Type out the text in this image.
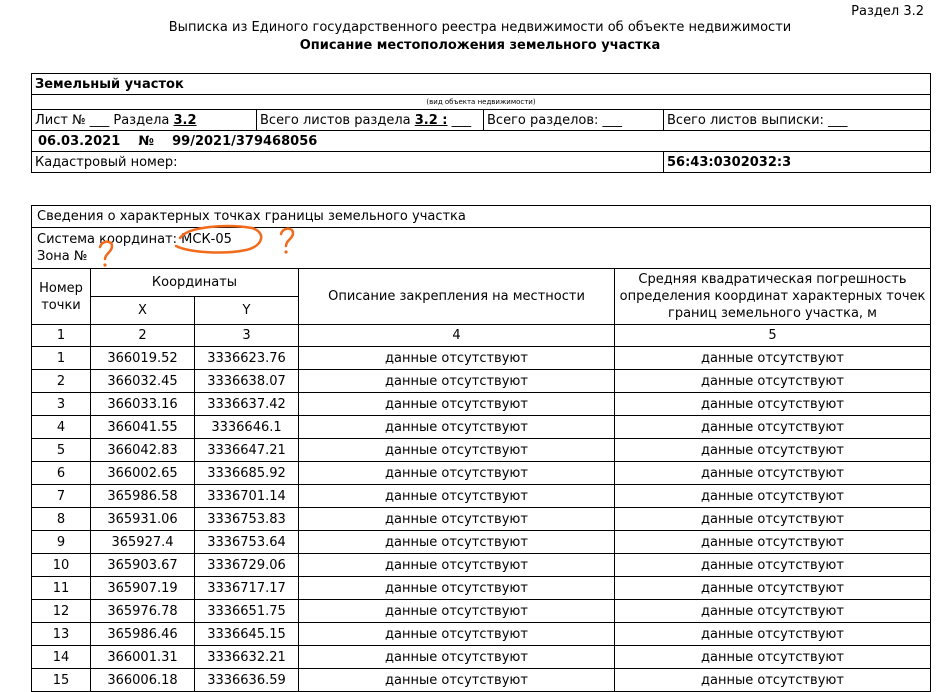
Раздел 3.2
Выписка из Единого государственного реестра недвижимости об объекте недвижимости
Описание местоположения земельного участка
Земельный участок			
(вид объекта недвижимости)			
Лист № ___ Раздела 3.2	Всего листов раздела 3.2 : ___	Всего разделов: ___	Всего листов выписки: ___
06.03.2021 № 99/2021/379468056			
Кадастровый номер:			56:43:0302032:3
Сведения о характерных точках границы земельного участка				
Система координат: МСК-05
Зона №				
Номер точки	Координаты		Описание закрепления на местности	Средняя квадратическая погрешность определения координат характерных точек границ земельного участка, м
	X	Y		
1	2	3	4	5
1	366019.52	3336623.76	данные отсутствуют	данные отсутствуют
2	366032.45	3336638.07	данные отсутствуют	данные отсутствуют
3	366033.16	3336637.42	данные отсутствуют	данные отсутствуют
4	366041.55	3336646.1	данные отсутствуют	данные отсутствуют
5	366042.83	3336647.21	данные отсутствуют	данные отсутствуют
6	366002.65	3336685.92	данные отсутствуют	данные отсутствуют
7	365986.58	3336701.14	данные отсутствуют	данные отсутствуют
8	365931.06	3336753.83	данные отсутствуют	данные отсутствуют
9	365927.4	3336753.64	данные отсутствуют	данные отсутствуют
10	365903.67	3336729.06	данные отсутствуют	данные отсутствуют
11	365907.19	3336717.17	данные отсутствуют	данные отсутствуют
12	365976.78	3336651.75	данные отсутствуют	данные отсутствуют
13	365986.46	3336645.15	данные отсутствуют	данные отсутствуют
14	366001.31	3336632.21	данные отсутствуют	данные отсутствуют
15	366006.18	3336636.59	данные отсутствуют	данные отсутствуют
